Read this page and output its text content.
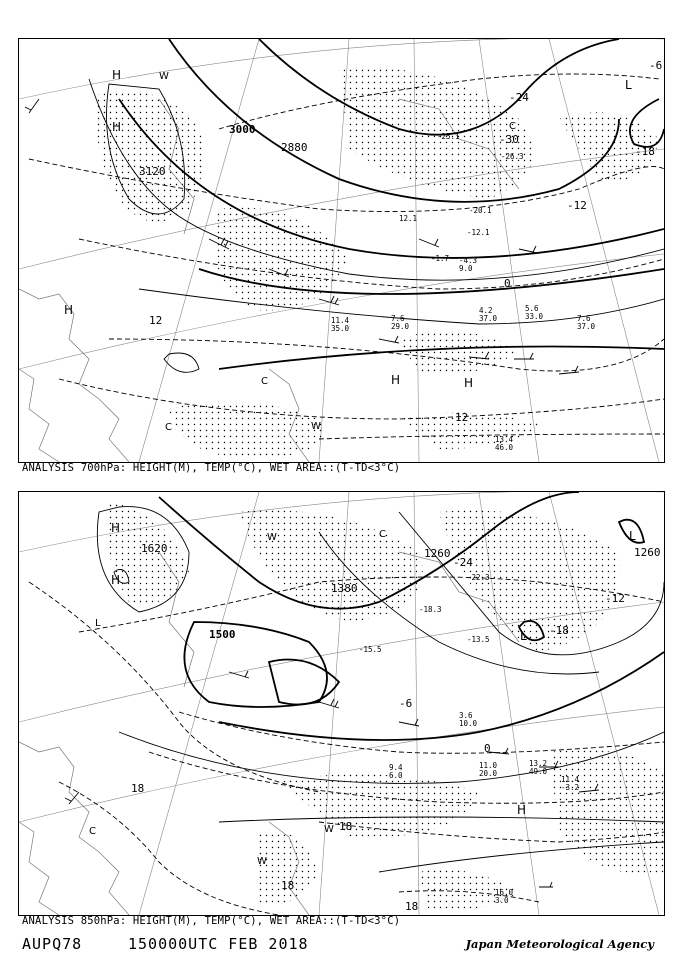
3120
3000
2880
-24
-30
-18
-12
0
12
12
-6
H
H
H
H	H
L
C
W
W
C
C
13.4
46.0
7.6
37.0
5.6
33.0
4.2
37.0
-4.3
9.0
11.4
35.0
7.6
29.0
-1.7
12.1
-12.1
-25.1
-26.3
-20.1
ANALYSIS 700hPa: HEIGHT(M), TEMP(°C), WET AREA::(T-TD<3°C)
1620
1500
1380
1260	1260
-24
-18
-12
-6
0
18
18
18
18
H
H
H
L
L
L
C
C
W
W
W
16.0
3.0
11.4
-3.2
13.2
49.0
11.0
20.0
3.6
10.0
-22.3
-13.5
9.4
6.0
-15.5
-18.3
ANALYSIS 850hPa: HEIGHT(M), TEMP(°C), WET AREA::(T-TD<3°C)
AUPQ78	150000UTC FEB 2018	Japan Meteorological Agency
